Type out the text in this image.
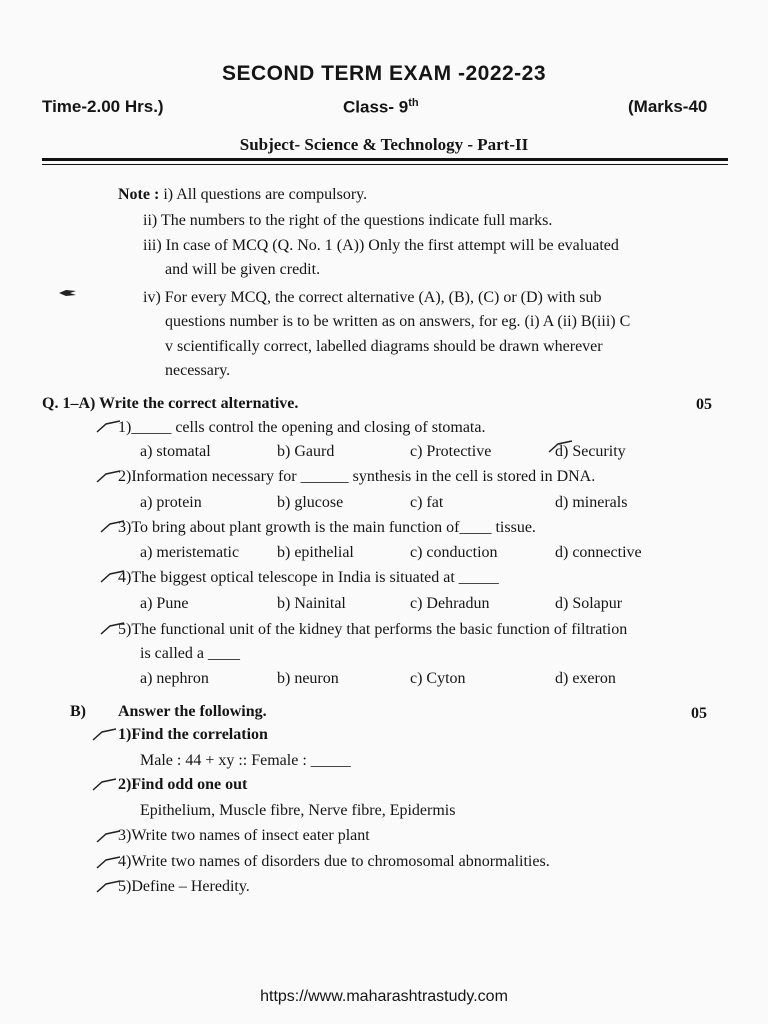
SECOND TERM EXAM -2022-23
Time-2.00 Hrs.)	Class- 9th	(Marks-40
Subject- Science & Technology - Part-II
Note : i) All questions are compulsory.
ii) The numbers to the right of the questions indicate full marks.
iii) In case of MCQ (Q. No. 1 (A)) Only the first attempt will be evaluated
and will be given credit.
iv) For every MCQ, the correct alternative (A), (B), (C) or (D) with sub
questions number is to be writ​ten as on answers, for eg. (i) A (ii) B(iii) C
v scientifically correct, labelled diagrams should be drawn wherever
necessary.
Q. 1–A) Write the correct alternative.	05
1)_____ cells control the opening and closing of stomata.
a) stomatal	b) Gaurd	c) Protective	d) Security
2)Information necessary for ______ synthesis in the cell is stored in DNA.
a) protein	b) glucose	c) fat	d) minerals
3)To bring about plant growth is the main function of____ tissue.
a) meristematic b) epithelial	c) conduction	d) connective
4)The biggest optical telescope in India is situated at _____
a) Pune	b) Nainital	c) Dehradun	d) Solapur
5)The functional unit of the kidney that performs the basic function of filtration
is called a ____
a) nephron	b) neuron	c) Cyton	d) exeron
B) Answer the following.	05
1)Find the correlation
Male : 44 + xy :: Female : _____
2)Find odd one out
Epithelium, Muscle fibre, Nerve fibre, Epidermis
3)Write two names of insect eater plant
4)Write two names of disorders due to chromosomal abnormalities.
5)Define – Heredity.
https://www.maharashtrastudy.com
